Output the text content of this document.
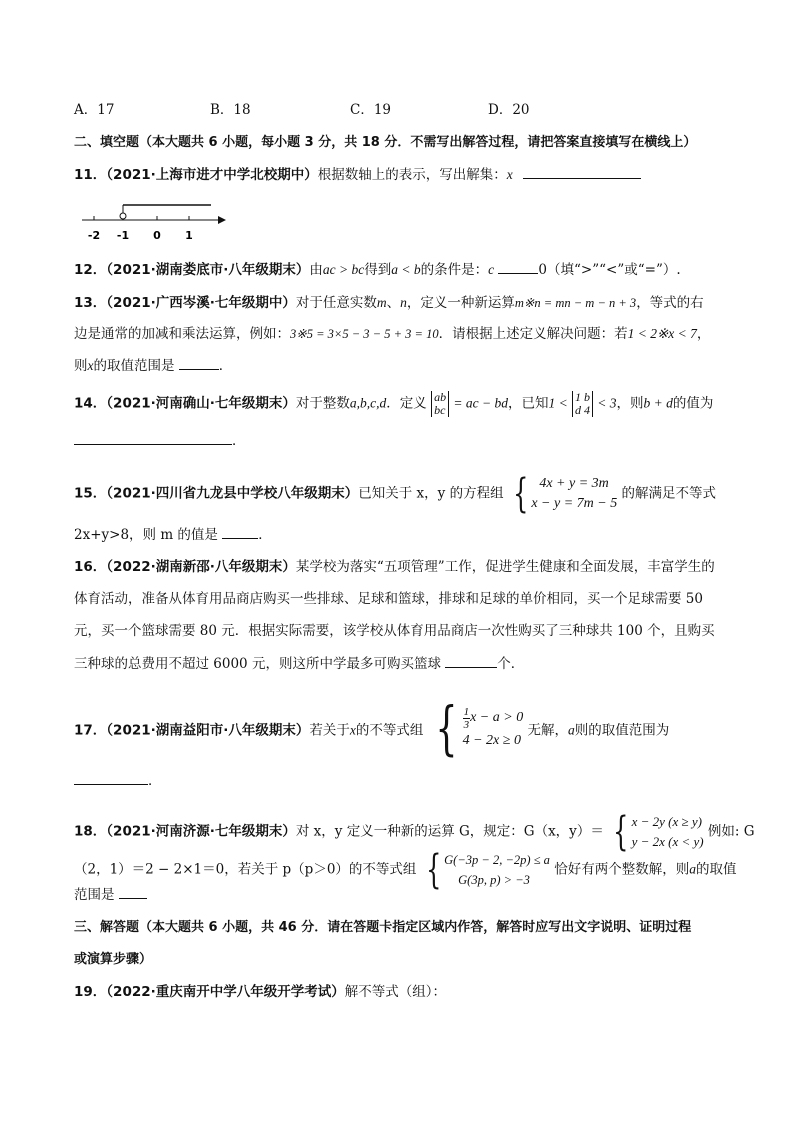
A．17	B．18	C．19	D．20
二、填空题（本大题共 6 小题，每小题 3 分，共 18 分．不需写出解答过程，请把答案直接填写在横线上）
11．（2021·上海市进才中学北校期中）根据数轴上的表示，写出解集：x
-2 -1 0 1
12．（2021·湖南娄底市·八年级期末）由ac > bc得到a < b的条件是：c	0（填“>”“<”或“=”）.
13．（2021·广西岑溪·七年级期中）对于任意实数m、n，定义一种新运算m※n = mn − m − n + 3，等式的右
边是通常的加减和乘法运算，例如：3※5 = 3×5 − 3 − 5 + 3 = 10．请根据上述定义解决问题：若1 < 2※x < 7，
则x的取值范围是	．
14．（2021·河南确山·七年级期末）对于整数a,b,c,d．定义 ab
bc = ac − bd，已知1 < 1 b
d 4 < 3，则b + d的值为
．
15．（2021·四川省九龙县中学校八年级期末）已知关于 x，y 的方程组 { 4x + y = 3m
x − y = 7m − 5
的解满足不等式
2x+y>8，则 m 的值是	．
16．（2022·湖南新邵·八年级期末）某学校为落实“五项管理”工作，促进学生健康和全面发展，丰富学生的
体育活动，准备从体育用品商店购买一些排球、足球和篮球，排球和足球的单价相同，买一个足球需要 50
元，买一个篮球需要 80 元．根据实际需要，该学校从体育用品商店一次性购买了三种球共 100 个，且购买
三种球的总费用不超过 6000 元，则这所中学最多可购买篮球	个．
17．（2021·湖南益阳市·八年级期末）若关于x的不等式组 { $\frac{1}{3}$ x − a > 0
4 − 2x ≥ 0
无解，a则的取值范围为
．
18．（2021·河南济源·七年级期末）对 x，y 定义一种新的运算 G，规定：G（x，y）＝ { x − 2y (x ≥ y)
y − 2x (x < y)
例如: G
（2，1）＝2 − 2×1＝0，若关于 p（p＞0）的不等式组 { G(−3p − 2, −2p) ≤ a
G(3p, p) > −3
恰好有两个整数解，则a的取值
范围是
三、解答题（本大题共 6 小题，共 46 分．请在答题卡指定区域内作答，解答时应写出文字说明、证明过程
或演算步骤）
19．（2022·重庆南开中学八年级开学考试）解不等式（组）：
